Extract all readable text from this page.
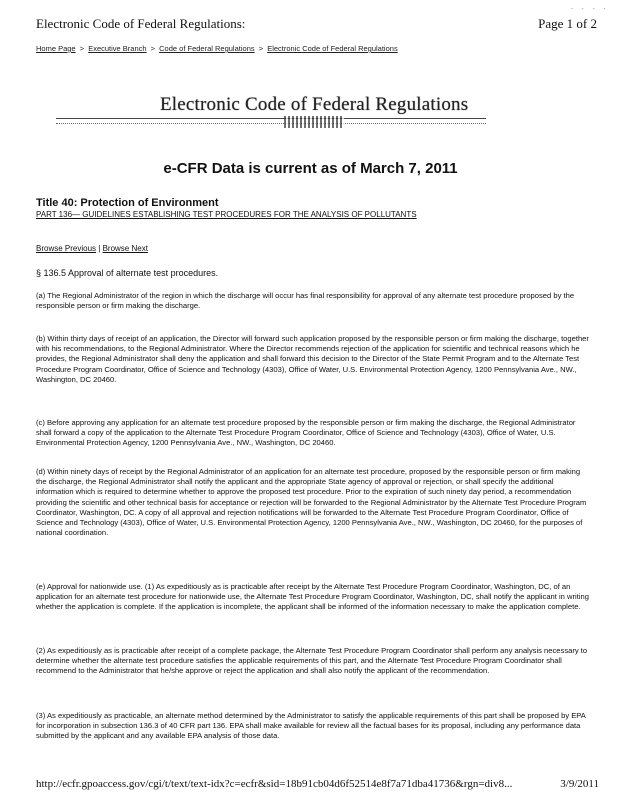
· · · ·
Electronic Code of Federal Regulations:	Page 1 of 2
Home Page > Executive Branch > Code of Federal Regulations > Electronic Code of Federal Regulations
Electronic Code of Federal Regulations
e-CFR Data is current as of March 7, 2011
Title 40: Protection of Environment
PART 136— GUIDELINES ESTABLISHING TEST PROCEDURES FOR THE ANALYSIS OF POLLUTANTS
Browse Previous | Browse Next
§ 136.5 Approval of alternate test procedures.
(a) The Regional Administrator of the region in which the discharge will occur has final responsibility for approval of any alternate test procedure proposed by the responsible person or firm making the discharge.
(b) Within thirty days of receipt of an application, the Director will forward such application proposed by the responsible person or firm making the discharge, together with his recommendations, to the Regional Administrator. Where the Director recommends rejection of the application for scientific and technical reasons which he provides, the Regional Administrator shall deny the application and shall forward this decision to the Director of the State Permit Program and to the Alternate Test Procedure Program Coordinator, Office of Science and Technology (4303), Office of Water, U.S. Environmental Protection Agency, 1200 Pennsylvania Ave., NW., Washington, DC 20460.
(c) Before approving any application for an alternate test procedure proposed by the responsible person or firm making the discharge, the Regional Administrator shall forward a copy of the application to the Alternate Test Procedure Program Coordinator, Office of Science and Technology (4303), Office of Water, U.S. Environmental Protection Agency, 1200 Pennsylvania Ave., NW., Washington, DC 20460.
(d) Within ninety days of receipt by the Regional Administrator of an application for an alternate test procedure, proposed by the responsible person or firm making the discharge, the Regional Administrator shall notify the applicant and the appropriate State agency of approval or rejection, or shall specify the additional information which is required to determine whether to approve the proposed test procedure. Prior to the expiration of such ninety day period, a recommendation providing the scientific and other technical basis for acceptance or rejection will be forwarded to the Regional Administrator by the Alternate Test Procedure Program Coordinator, Washington, DC. A copy of all approval and rejection notifications will be forwarded to the Alternate Test Procedure Program Coordinator, Office of Science and Technology (4303), Office of Water, U.S. Environmental Protection Agency, 1200 Pennsylvania Ave., NW., Washington, DC 20460, for the purposes of national coordination.
(e) Approval for nationwide use. (1) As expeditiously as is practicable after receipt by the Alternate Test Procedure Program Coordinator, Washington, DC, of an application for an alternate test procedure for nationwide use, the Alternate Test Procedure Program Coordinator, Washington, DC, shall notify the applicant in writing whether the application is complete. If the application is incomplete, the applicant shall be informed of the information necessary to make the application complete.
(2) As expeditiously as is practicable after receipt of a complete package, the Alternate Test Procedure Program Coordinator shall perform any analysis necessary to determine whether the alternate test procedure satisfies the applicable requirements of this part, and the Alternate Test Procedure Program Coordinator shall recommend to the Administrator that he/she approve or reject the application and shall also notify the applicant of the recommendation.
(3) As expeditiously as practicable, an alternate method determined by the Administrator to satisfy the applicable requirements of this part shall be proposed by EPA for incorporation in subsection 136.3 of 40 CFR part 136. EPA shall make available for review all the factual bases for its proposal, including any performance data submitted by the applicant and any available EPA analysis of those data.
http://ecfr.gpoaccess.gov/cgi/t/text/text-idx?c=ecfr&sid=18b91cb04d6f52514e8f7a71dba41736&rgn=div8...	3/9/2011
